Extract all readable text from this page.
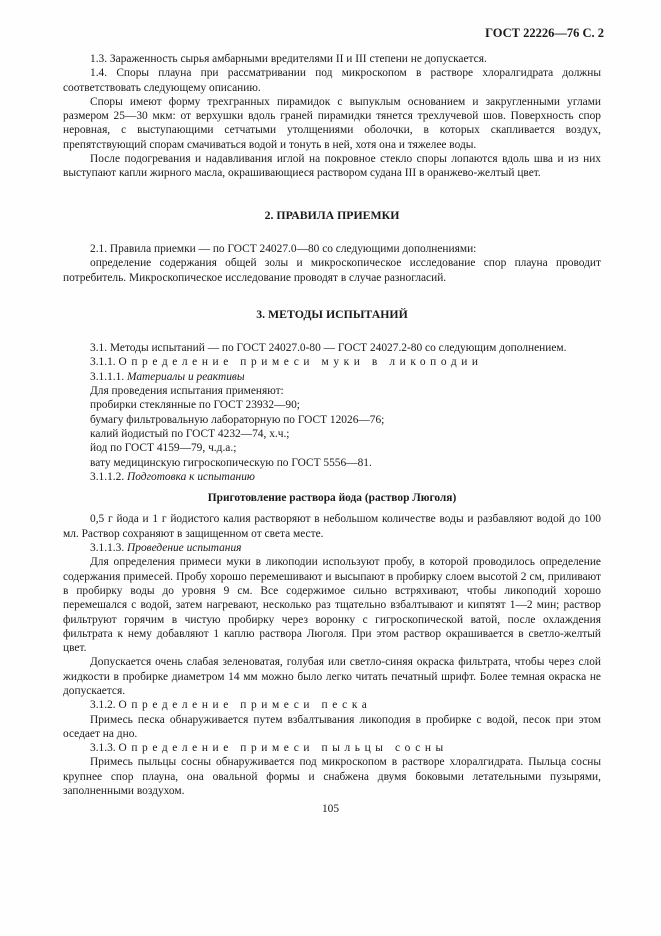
ГОСТ 22226—76 С. 2

1.3. Зараженность сырья амбарными вредителями II и III степени не допускается.

1.4. Споры плауна при рассматривании под микроскопом в растворе хлоралгидрата должны соответствовать следующему описанию.

Споры имеют форму трехгранных пирамидок с выпуклым основанием и закругленными углами размером 25—30 мкм: от верхушки вдоль граней пирамидки тянется трехлучевой шов. Поверхность спор неровная, с выступающими сетчатыми утолщениями оболочки, в которых скапливается воздух, препятствующий спорам смачиваться водой и тонуть в ней, хотя она и тяжелее воды.

После подогревания и надавливания иглой на покровное стекло споры лопаются вдоль шва и из них выступают капли жирного масла, окрашивающиеся раствором судана III в оранжево-желтый цвет.

2. ПРАВИЛА ПРИЕМКИ

2.1. Правила приемки — по ГОСТ 24027.0—80 со следующими дополнениями:

определение содержания общей золы и микроскопическое исследование спор плауна проводит потребитель. Микроскопическое исследование проводят в случае разногласий.

3. МЕТОДЫ ИСПЫТАНИЙ

3.1. Методы испытаний — по ГОСТ 24027.0-80 — ГОСТ 24027.2-80 со следующим дополнением.

3.1.1. Определение примеси муки в ликоподии

3.1.1.1. Материалы и реактивы

Для проведения испытания применяют:

пробирки стеклянные по ГОСТ 23932—90;

бумагу фильтровальную лабораторную по ГОСТ 12026—76;

калий йодистый по ГОСТ 4232—74, х.ч.;

йод по ГОСТ 4159—79, ч.д.а.;

вату медицинскую гигроскопическую по ГОСТ 5556—81.

3.1.1.2. Подготовка к испытанию

Приготовление раствора йода (раствор Люголя)

0,5 г йода и 1 г йодистого калия растворяют в небольшом количестве воды и разбавляют водой до 100 мл. Раствор сохраняют в защищенном от света месте.

3.1.1.3. Проведение испытания

Для определения примеси муки в ликоподии используют пробу, в которой проводилось определение содержания примесей. Пробу хорошо перемешивают и высыпают в пробирку слоем высотой 2 см, приливают в пробирку воды до уровня 9 см. Все содержимое сильно встряхивают, чтобы ликоподий хорошо перемешался с водой, затем нагревают, несколько раз тщательно взбалтывают и кипятят 1—2 мин; раствор фильтруют горячим в чистую пробирку через воронку с гигроскопической ватой, после охлаждения фильтрата к нему добавляют 1 каплю раствора Люголя. При этом раствор окрашивается в светло-желтый цвет.

Допускается очень слабая зеленоватая, голубая или светло-синяя окраска фильтрата, чтобы через слой жидкости в пробирке диаметром 14 мм можно было легко читать печатный шрифт. Более темная окраска не допускается.

3.1.2. Определение примеси песка

Примесь песка обнаруживается путем взбалтывания ликоподия в пробирке с водой, песок при этом оседает на дно.

3.1.3. Определение примеси пыльцы сосны

Примесь пыльцы сосны обнаруживается под микроскопом в растворе хлоралгидрата. Пыльца сосны крупнее спор плауна, она овальной формы и снабжена двумя боковыми летательными пузырями, заполненными воздухом.

105
